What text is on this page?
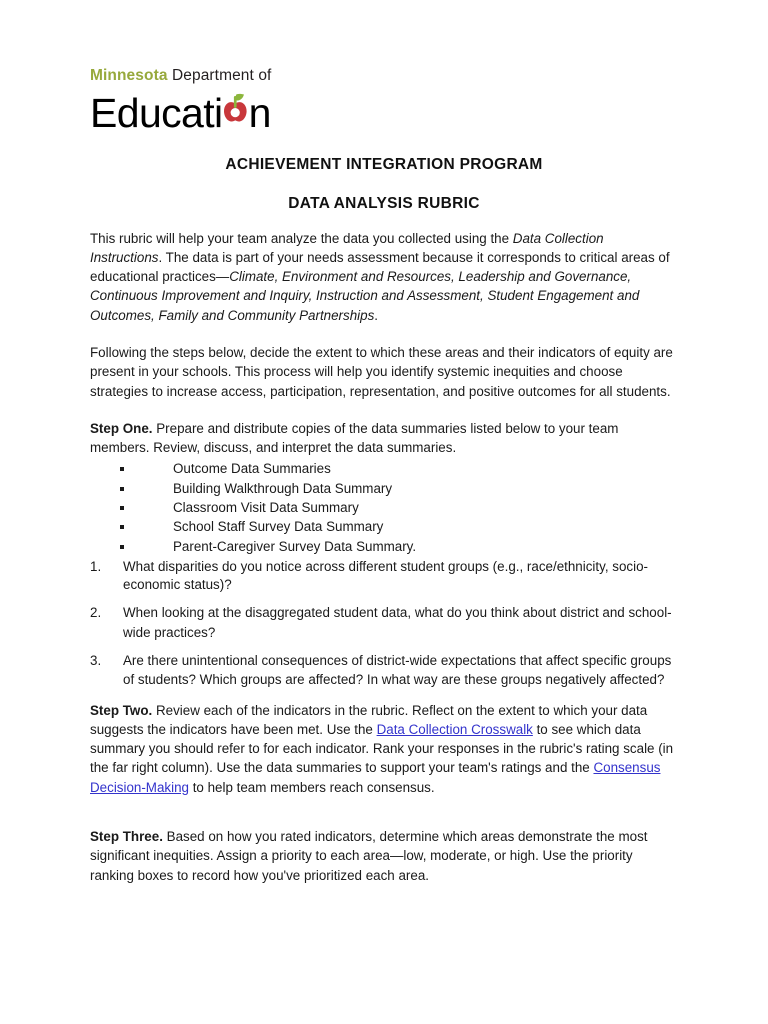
Minnesota Department of
Educati n
ACHIEVEMENT INTEGRATION PROGRAM
DATA ANALYSIS RUBRIC

This rubric will help your team analyze the data you collected using the Data Collection Instructions. The data is part of your needs assessment because it corresponds to critical areas of educational practices—Climate, Environment and Resources, Leadership and Governance, Continuous Improvement and Inquiry, Instruction and Assessment, Student Engagement and Outcomes, Family and Community Partnerships.

Following the steps below, decide the extent to which these areas and their indicators of equity are present in your schools. This process will help you identify systemic inequities and choose strategies to increase access, participation, representation, and positive outcomes for all students.

Step One. Prepare and distribute copies of the data summaries listed below to your team members. Review, discuss, and interpret the data summaries.

Outcome Data Summaries
Building Walkthrough Data Summary
Classroom Visit Data Summary
School Staff Survey Data Summary
Parent-Caregiver Survey Data Summary.
1.	What disparities do you notice across different student groups (e.g., race/ethnicity, socio-economic status)?
2.	When looking at the disaggregated student data, what do you think about district and school-wide practices?
3.	Are there unintentional consequences of district-wide expectations that affect specific groups of students? Which groups are affected? In what way are these groups negatively affected?

Step Two. Review each of the indicators in the rubric. Reflect on the extent to which your data suggests the indicators have been met. Use the Data Collection Crosswalk to see which data summary you should refer to for each indicator. Rank your responses in the rubric's rating scale (in the far right column). Use the data summaries to support your team's ratings and the Consensus Decision-Making to help team members reach consensus.

Step Three. Based on how you rated indicators, determine which areas demonstrate the most significant inequities. Assign a priority to each area—low, moderate, or high. Use the priority ranking boxes to record how you've prioritized each area.
